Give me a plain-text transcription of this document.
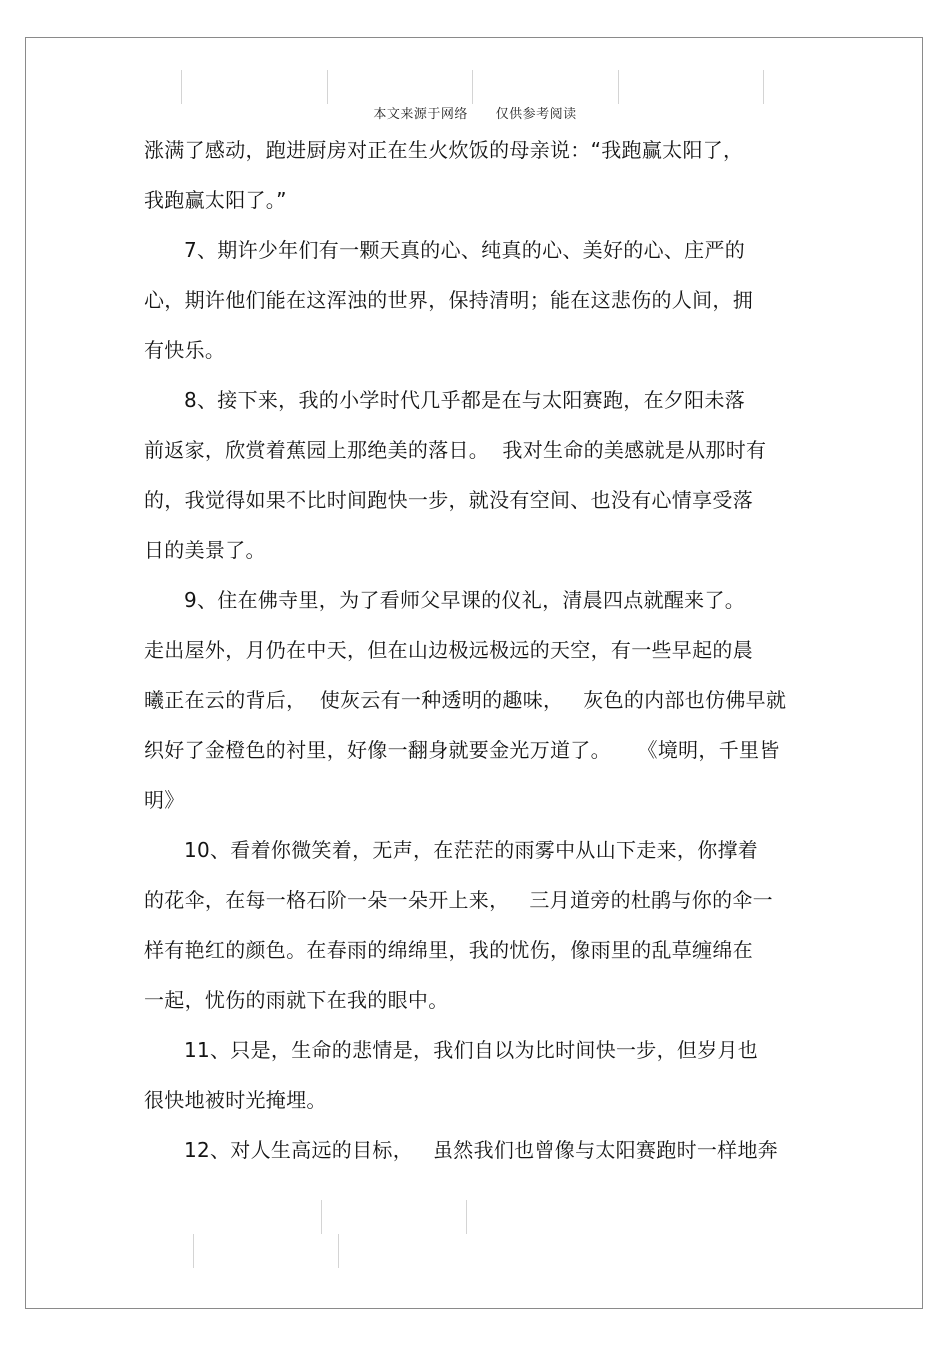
本文来源于网络      仅供参考阅读
涨满了感动，跑进厨房对正在生火炊饭的母亲说：“我跑赢太阳了，
我跑赢太阳了。”
7、期许少年们有一颗天真的心、纯真的心、美好的心、庄严的
心，期许他们能在这浑浊的世界，保持清明；能在这悲伤的人间，拥
有快乐。
8、接下来，我的小学时代几乎都是在与太阳赛跑，在夕阳未落
前返家，欣赏着蕉园上那绝美的落日。  我对生命的美感就是从那时有
的，我觉得如果不比时间跑快一步，就没有空间、也没有心情享受落
日的美景了。
9、住在佛寺里，为了看师父早课的仪礼，清晨四点就醒来了。
走出屋外，月仍在中天，但在山边极远极远的天空，有一些早起的晨
曦正在云的背后，  使灰云有一种透明的趣味，   灰色的内部也仿佛早就
织好了金橙色的衬里，好像一翻身就要金光万道了。    《境明，千里皆
明》
10、看着你微笑着，无声，在茫茫的雨雾中从山下走来，你撑着
的花伞，在每一格石阶一朵一朵开上来，   三月道旁的杜鹃与你的伞一
样有艳红的颜色。在春雨的绵绵里，我的忧伤，像雨里的乱草缠绵在
一起，忧伤的雨就下在我的眼中。
11、只是，生命的悲情是，我们自以为比时间快一步，但岁月也
很快地被时光掩埋。
12、对人生高远的目标，   虽然我们也曾像与太阳赛跑时一样地奔
